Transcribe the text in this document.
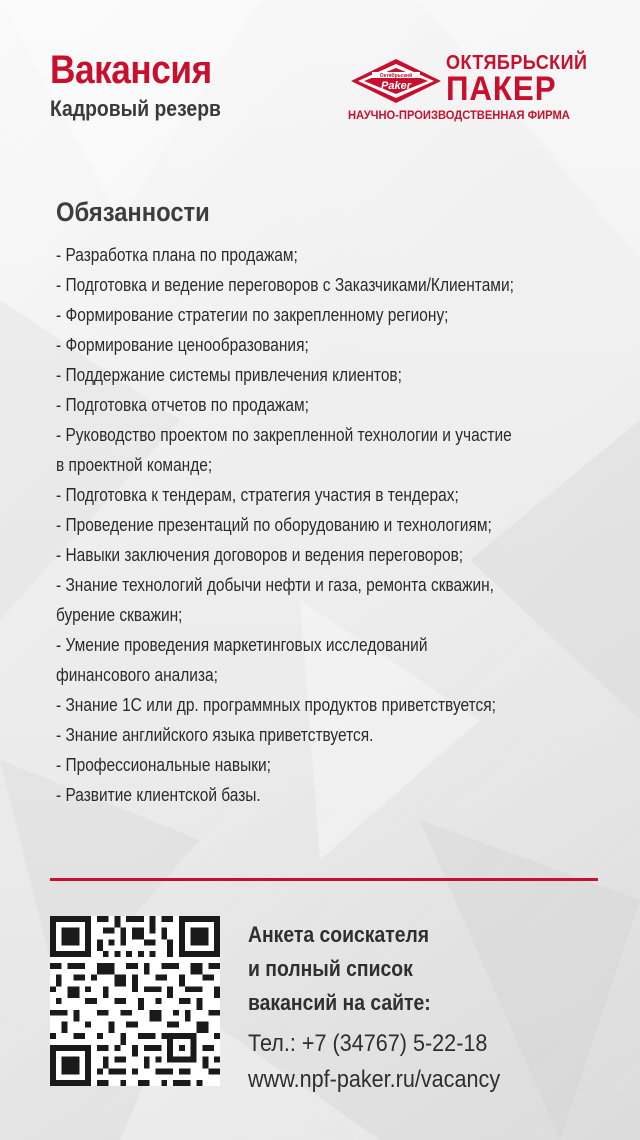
Вакансия
Кадровый резерв
Октябрьский
Paker
ОКТЯБРЬСКИЙ
ПАКЕР
НАУЧНО-ПРОИЗВОДСТВЕННАЯ ФИРМА
Обязанности
- Разработка плана по продажам;
- Подготовка и ведение переговоров с Заказчиками/Клиентами;
- Формирование стратегии по закрепленному региону;
- Формирование ценообразования;
- Поддержание системы привлечения клиентов;
- Подготовка отчетов по продажам;
- Руководство проектом по закрепленной технологии и участие
в проектной команде;
- Подготовка к тендерам, стратегия участия в тендерах;
- Проведение презентаций по оборудованию и технологиям;
- Навыки заключения договоров и ведения переговоров;
- Знание технологий добычи нефти и газа, ремонта скважин,
бурение скважин;
- Умение проведения маркетинговых исследований
финансового анализа;
- Знание 1С или др. программных продуктов приветствуется;
- Знание английского языка приветствуется.
- Профессиональные навыки;
- Развитие клиентской базы.
Анкета соискателя
и полный список
вакансий на сайте:
Тел.: +7 (34767) 5-22-18
www.npf-paker.ru/vacancy
